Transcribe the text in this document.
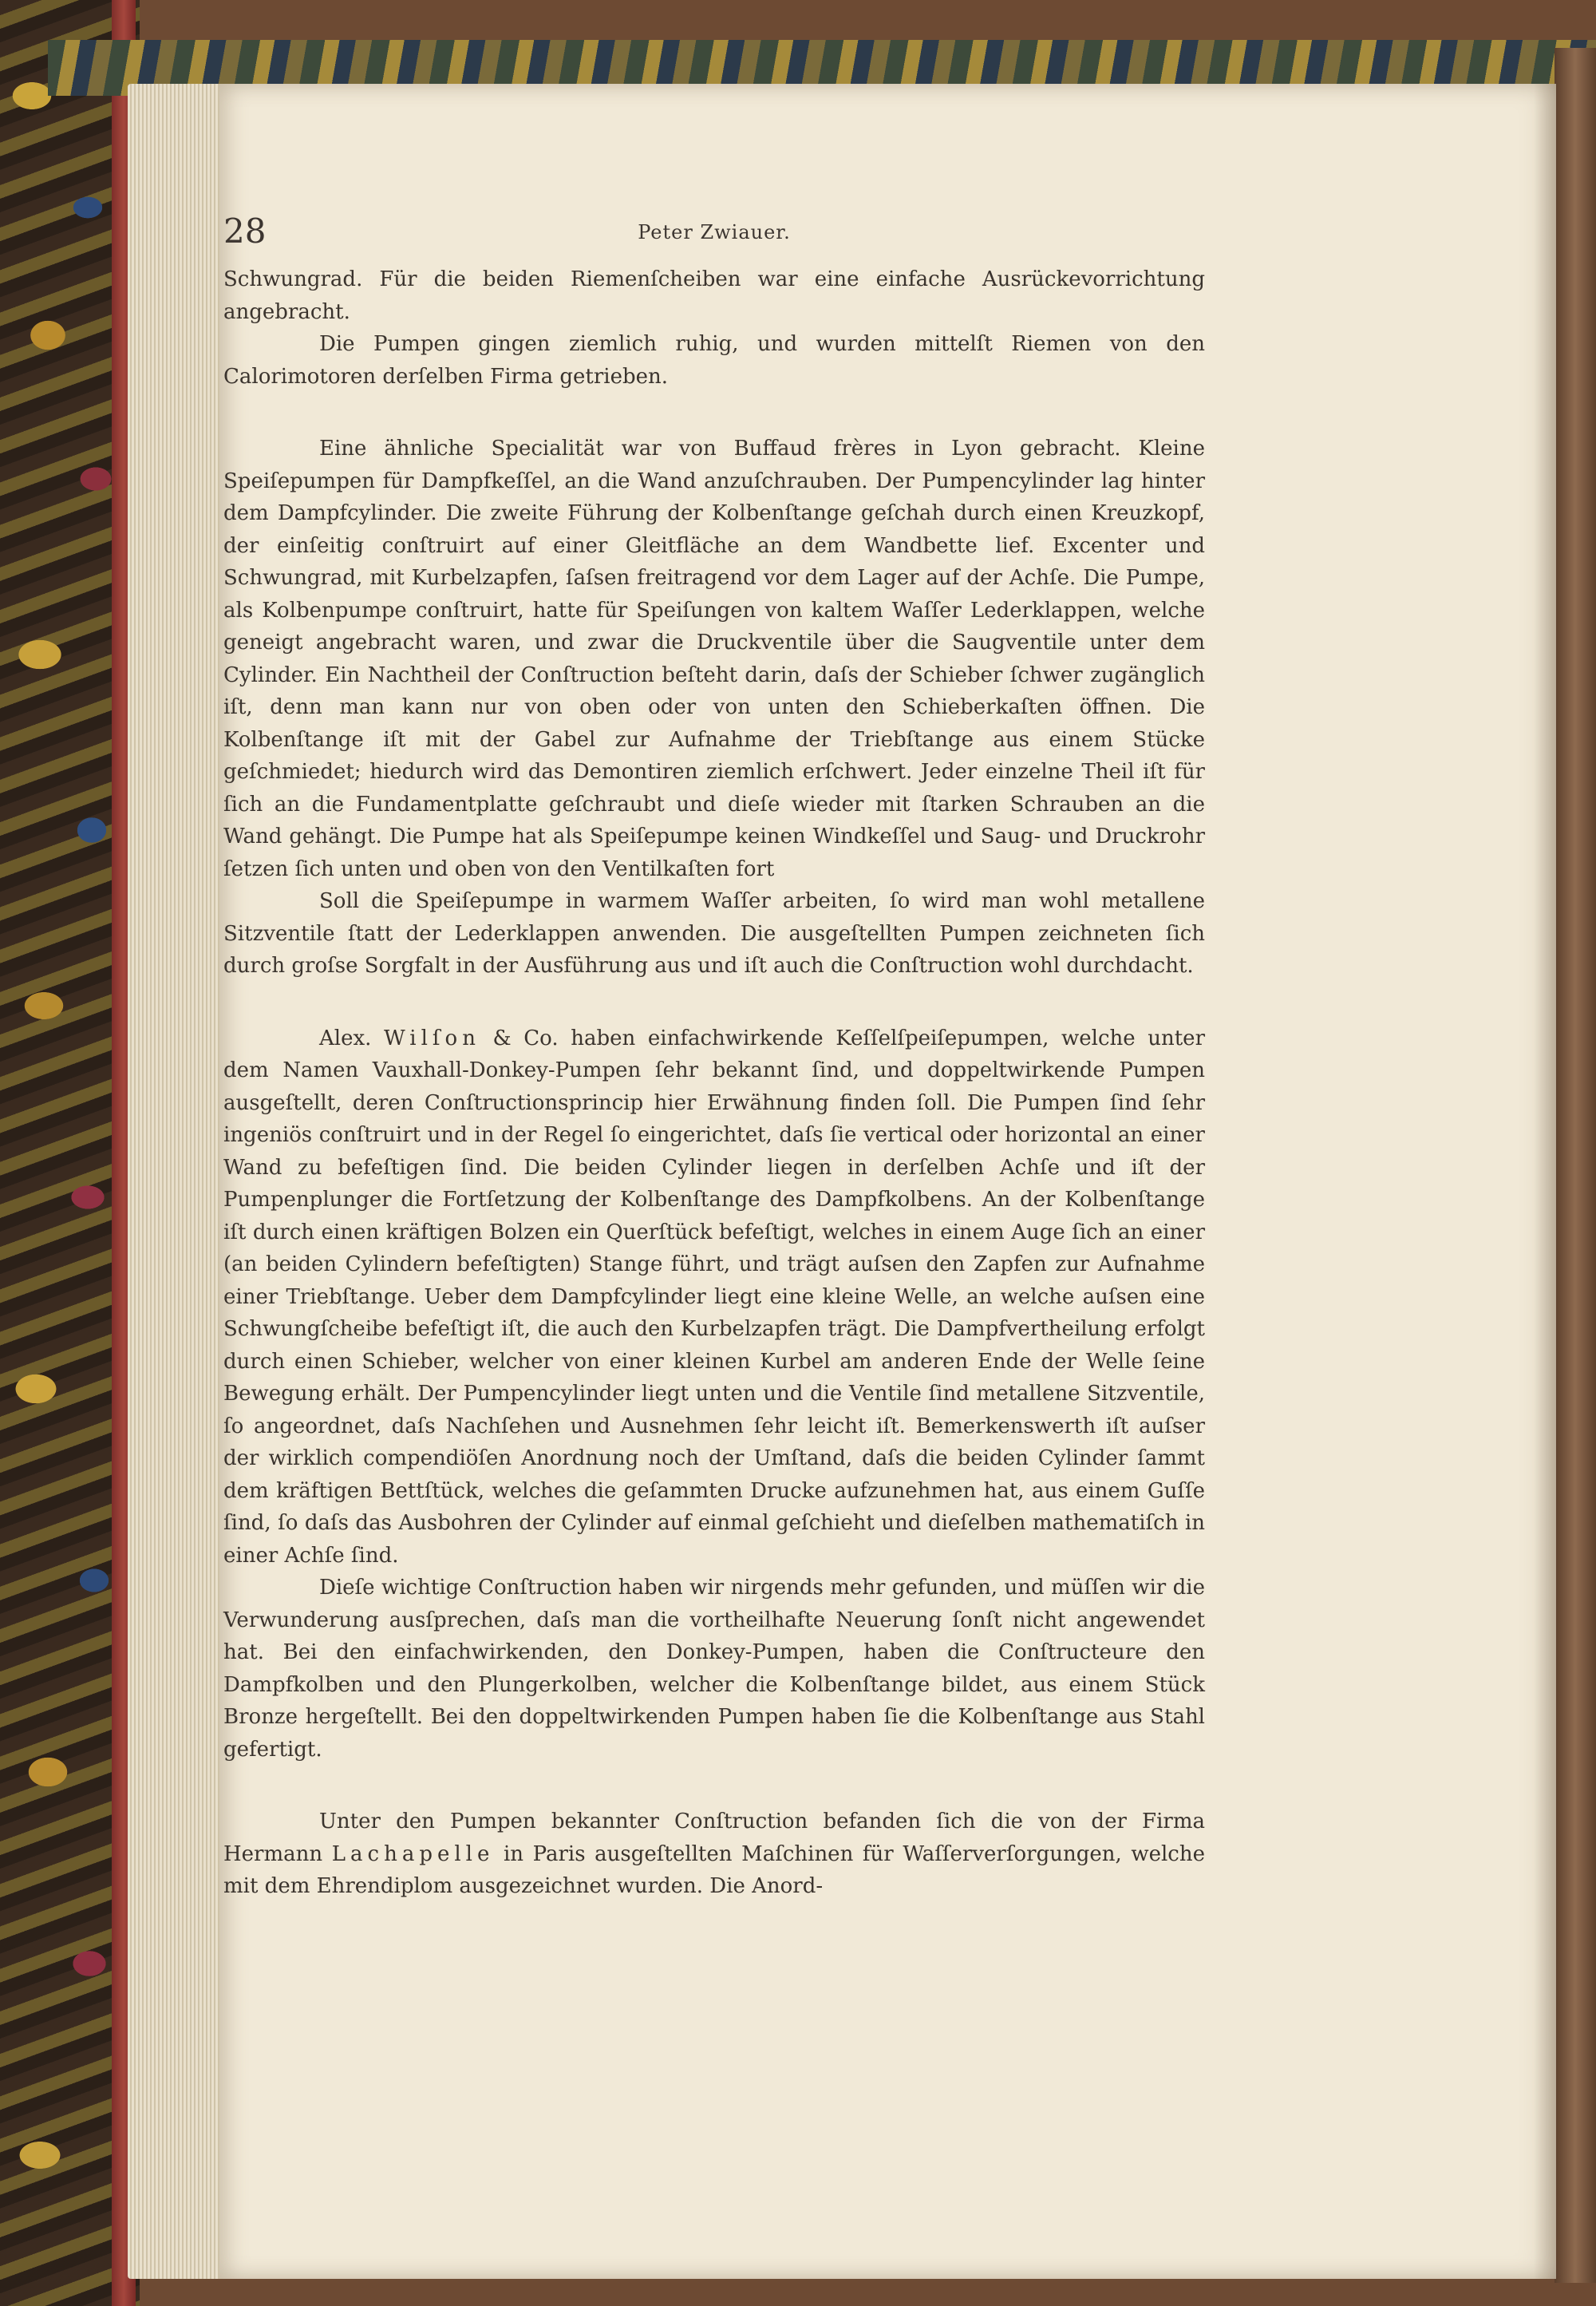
28	Peter Zwiauer.

Schwungrad. Für die beiden Riemenſcheiben war eine einfache Ausrückevorrichtung angebracht.

Die Pumpen gingen ziemlich ruhig, und wurden mittelſt Riemen von den Calorimotoren derſelben Firma getrieben.

Eine ähnliche Specialität war von Buffaud frères in Lyon gebracht. Kleine Speiſepumpen für Dampfkeſſel, an die Wand anzuſchrauben. Der Pumpencylinder lag hinter dem Dampfcylinder. Die zweite Führung der Kolbenſtange geſchah durch einen Kreuzkopf, der einſeitig conſtruirt auf einer Gleitfläche an dem Wandbette lief. Excenter und Schwungrad, mit Kurbelzapfen, ſaſsen freitragend vor dem Lager auf der Achſe. Die Pumpe, als Kolbenpumpe conſtruirt, hatte für Speiſungen von kaltem Waſſer Lederklappen, welche geneigt angebracht waren, und zwar die Druckventile über die Saugventile unter dem Cylinder. Ein Nachtheil der Conſtruction beſteht darin, daſs der Schieber ſchwer zugänglich iſt, denn man kann nur von oben oder von unten den Schieberkaſten öffnen. Die Kolbenſtange iſt mit der Gabel zur Aufnahme der Triebſtange aus einem Stücke geſchmiedet; hiedurch wird das Demontiren ziemlich erſchwert. Jeder einzelne Theil iſt für ſich an die Fundamentplatte geſchraubt und dieſe wieder mit ſtarken Schrauben an die Wand gehängt. Die Pumpe hat als Speiſepumpe keinen Windkeſſel und Saug- und Druckrohr ſetzen ſich unten und oben von den Ventilkaſten fort

Soll die Speiſepumpe in warmem Waſſer arbeiten, ſo wird man wohl metallene Sitzventile ſtatt der Lederklappen anwenden. Die ausgeſtellten Pumpen zeichneten ſich durch groſse Sorgfalt in der Ausführung aus und iſt auch die Conſtruction wohl durchdacht.

Alex. Wilſon & Co. haben einfachwirkende Keſſelſpeiſepumpen, welche unter dem Namen Vauxhall-Donkey-Pumpen ſehr bekannt ſind, und doppeltwirkende Pumpen ausgeſtellt, deren Conſtructionsprincip hier Erwähnung finden ſoll. Die Pumpen ſind ſehr ingeniös conſtruirt und in der Regel ſo eingerichtet, daſs ſie vertical oder horizontal an einer Wand zu befeſtigen ſind. Die beiden Cylinder liegen in derſelben Achſe und iſt der Pumpenplunger die Fortſetzung der Kolbenſtange des Dampfkolbens. An der Kolbenſtange iſt durch einen kräftigen Bolzen ein Querſtück befeſtigt, welches in einem Auge ſich an einer (an beiden Cylindern befeſtigten) Stange führt, und trägt auſsen den Zapfen zur Aufnahme einer Triebſtange. Ueber dem Dampfcylinder liegt eine kleine Welle, an welche auſsen eine Schwungſcheibe befeſtigt iſt, die auch den Kurbelzapfen trägt. Die Dampfvertheilung erfolgt durch einen Schieber, welcher von einer kleinen Kurbel am anderen Ende der Welle ſeine Bewegung erhält. Der Pumpencylinder liegt unten und die Ventile ſind metallene Sitzventile, ſo angeordnet, daſs Nachſehen und Ausnehmen ſehr leicht iſt. Bemerkenswerth iſt auſser der wirklich compendiöſen Anordnung noch der Umſtand, daſs die beiden Cylinder ſammt dem kräftigen Bettſtück, welches die geſammten Drucke aufzunehmen hat, aus einem Guſſe ſind, ſo daſs das Ausbohren der Cylinder auf einmal geſchieht und dieſelben mathematiſch in einer Achſe ſind.

Dieſe wichtige Conſtruction haben wir nirgends mehr gefunden, und müſſen wir die Verwunderung ausſprechen, daſs man die vortheilhafte Neuerung ſonſt nicht angewendet hat. Bei den einfachwirkenden, den Donkey-Pumpen, haben die Conſtructeure den Dampfkolben und den Plungerkolben, welcher die Kolbenſtange bildet, aus einem Stück Bronze hergeſtellt. Bei den doppeltwirkenden Pumpen haben ſie die Kolbenſtange aus Stahl gefertigt.

Unter den Pumpen bekannter Conſtruction befanden ſich die von der Firma Hermann Lachapelle in Paris ausgeſtellten Maſchinen für Waſſerverſorgungen, welche mit dem Ehrendiplom ausgezeichnet wurden. Die Anord-
